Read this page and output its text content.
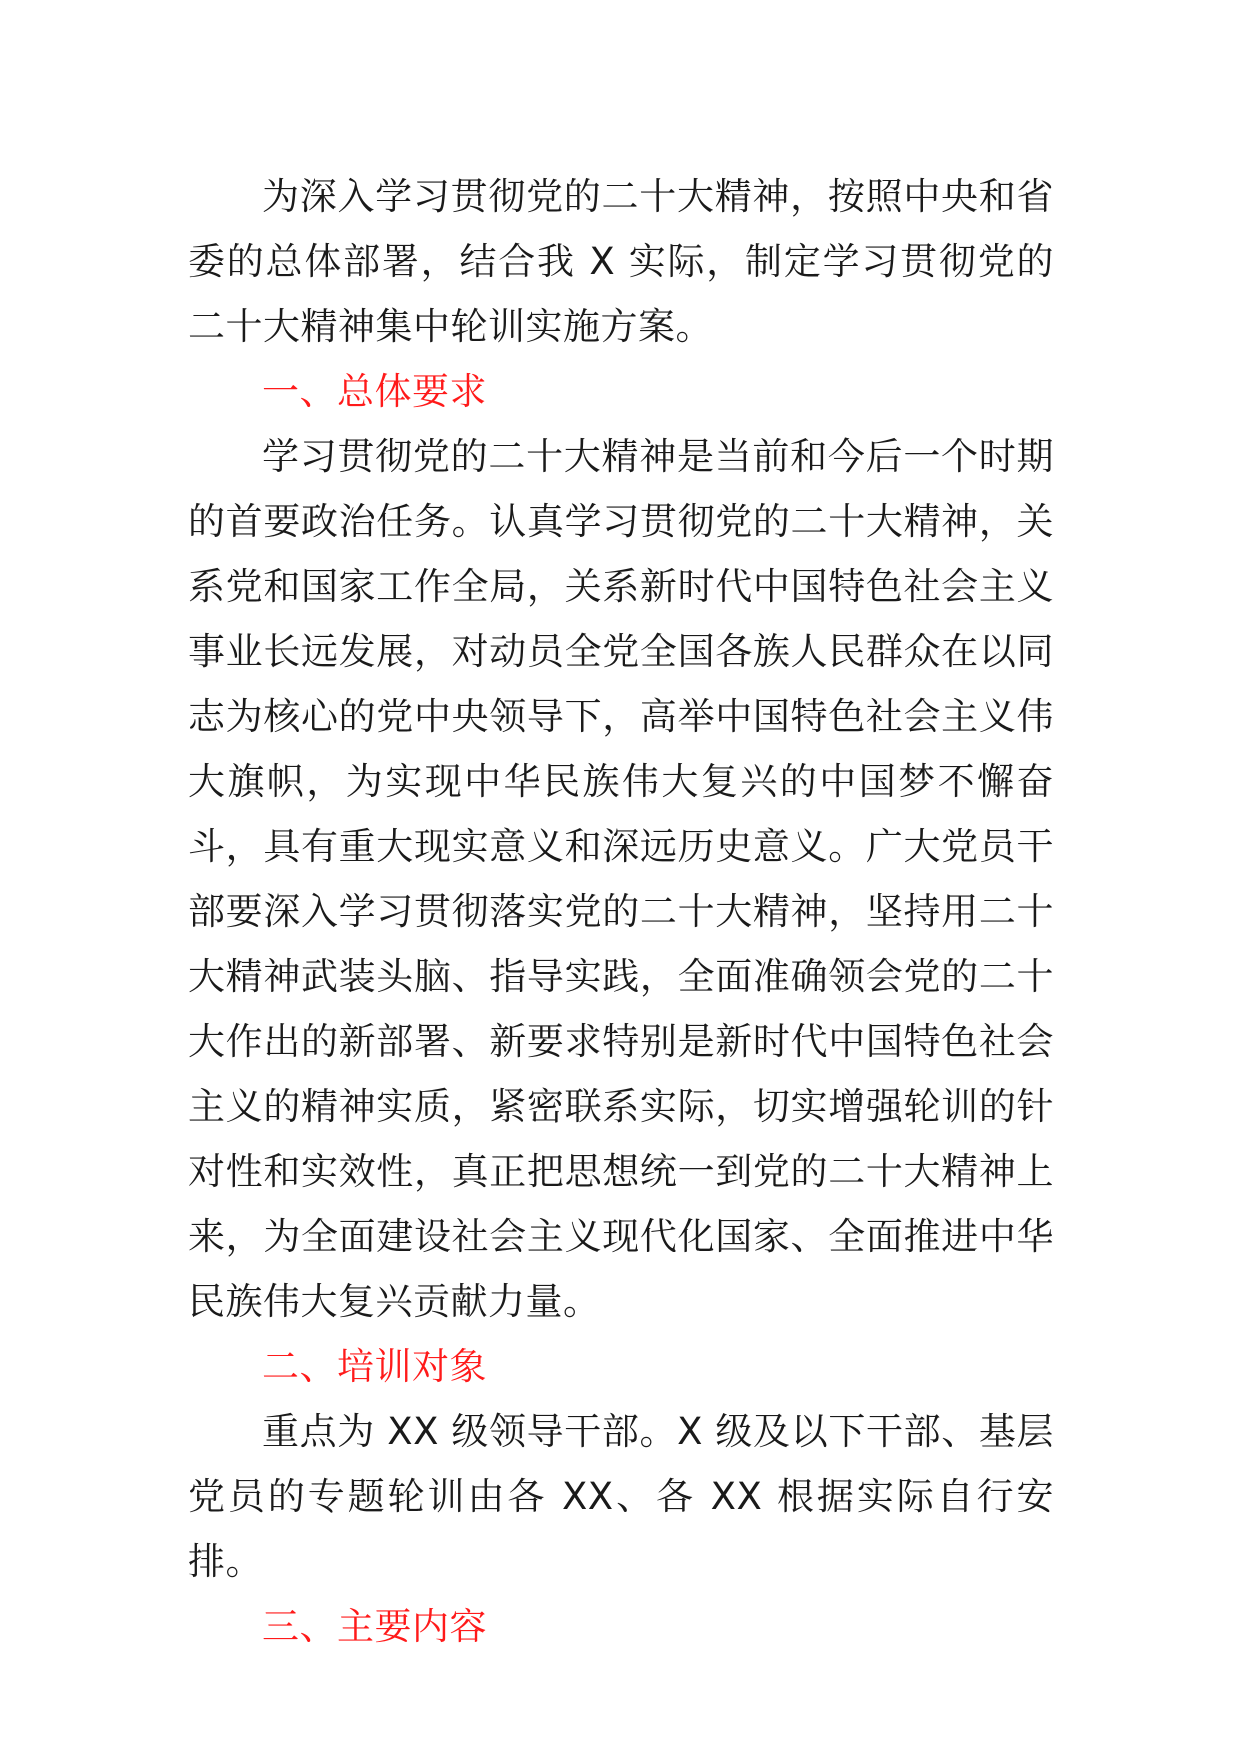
为深入学习贯彻党的二十大精神，按照中央和省委的总体部署，结合我 X 实际，制定学习贯彻党的二十大精神集中轮训实施方案。

一、总体要求

学习贯彻党的二十大精神是当前和今后一个时期的首要政治任务。认真学习贯彻党的二十大精神，关系党和国家工作全局，关系新时代中国特色社会主义事业长远发展，对动员全党全国各族人民群众在以同志为核心的党中央领导下，高举中国特色社会主义伟大旗帜，为实现中华民族伟大复兴的中国梦不懈奋斗，具有重大现实意义和深远历史意义。广大党员干部要深入学习贯彻落实党的二十大精神，坚持用二十大精神武装头脑、指导实践，全面准确领会党的二十大作出的新部署、新要求特别是新时代中国特色社会主义的精神实质，紧密联系实际，切实增强轮训的针对性和实效性，真正把思想统一到党的二十大精神上来，为全面建设社会主义现代化国家、全面推进中华民族伟大复兴贡献力量。

二、培训对象

重点为 XX 级领导干部。X 级及以下干部、基层党员的专题轮训由各 XX、各 XX 根据实际自行安排。

三、主要内容
